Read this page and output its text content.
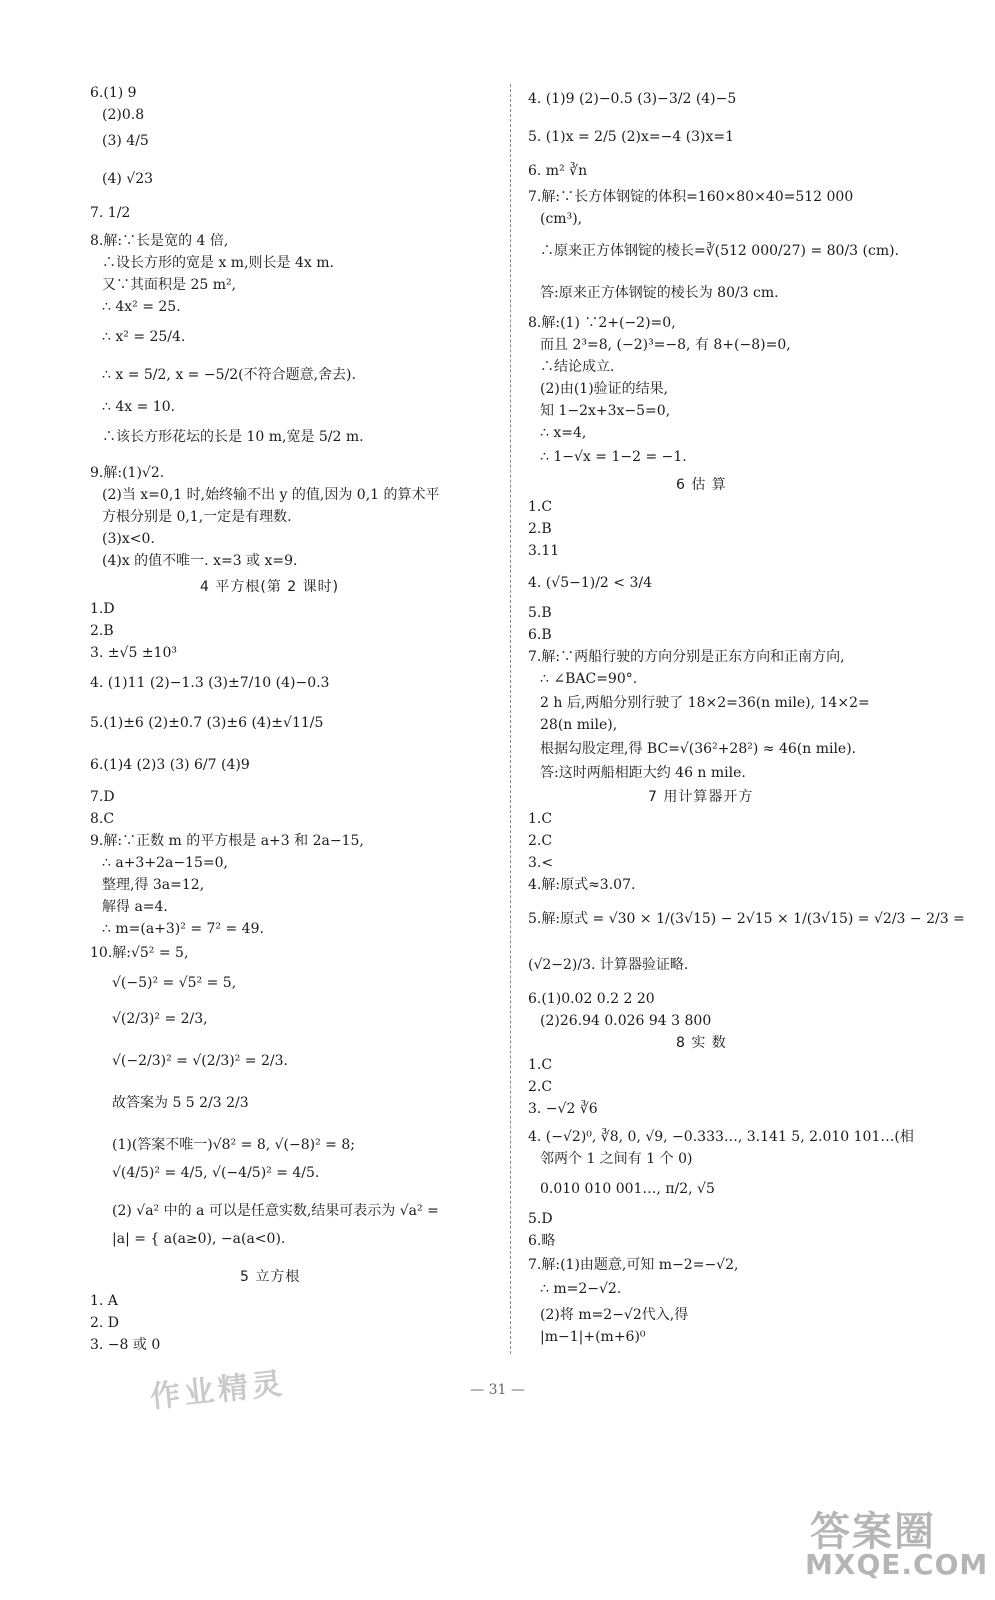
6.(1) 9
(2)0.8
(3) 4/5
(4) √23
7. 1/2
8.解:∵长是宽的 4 倍,
∴设长方形的宽是 x m,则长是 4x m.
又∵其面积是 25 m²,
∴ 4x² = 25.
∴ x² = 25/4.
∴ x = 5/2, x = −5/2(不符合题意,舍去).
∴ 4x = 10.
∴该长方形花坛的长是 10 m,宽是 5/2 m.
9.解:(1)√2.
(2)当 x=0,1 时,始终输不出 y 的值,因为 0,1 的算术平
方根分别是 0,1,一定是有理数.
(3)x<0.
(4)x 的值不唯一. x=3 或 x=9.
4 平方根(第 2 课时)
1.D
2.B
3. ±√5 ±10³
4. (1)11 (2)−1.3 (3)±7/10 (4)−0.3
5.(1)±6 (2)±0.7 (3)±6 (4)±√11/5
6.(1)4 (2)3 (3) 6/7 (4)9
7.D
8.C
9.解:∵正数 m 的平方根是 a+3 和 2a−15,
∴ a+3+2a−15=0,
整理,得 3a=12,
解得 a=4.
∴ m=(a+3)² = 7² = 49.
10.解:√5² = 5,
√(−5)² = √5² = 5,
√(2/3)² = 2/3,
√(−2/3)² = √(2/3)² = 2/3.
故答案为 5 5 2/3 2/3
(1)(答案不唯一)√8² = 8, √(−8)² = 8;
√(4/5)² = 4/5, √(−4/5)² = 4/5.
(2) √a² 中的 a 可以是任意实数,结果可表示为 √a² =
|a| = { a(a≥0), −a(a<0).
5 立方根
1. A
2. D
3. −8 或 0
4. (1)9 (2)−0.5 (3)−3/2 (4)−5
5. (1)x = 2/5 (2)x=−4 (3)x=1
6. m² ∛n
7.解:∵长方体钢锭的体积=160×80×40=512 000
(cm³),
∴原来正方体钢锭的棱长=∛(512 000/27) = 80/3 (cm).
答:原来正方体钢锭的棱长为 80/3 cm.
8.解:(1) ∵2+(−2)=0,
而且 2³=8, (−2)³=−8, 有 8+(−8)=0,
∴结论成立.
(2)由(1)验证的结果,
知 1−2x+3x−5=0,
∴ x=4,
∴ 1−√x = 1−2 = −1.
6 估 算
1.C
2.B
3.11
4. (√5−1)/2 < 3/4
5.B
6.B
7.解:∵两船行驶的方向分别是正东方向和正南方向,
∴ ∠BAC=90°.
2 h 后,两船分别行驶了 18×2=36(n mile), 14×2=
28(n mile),
根据勾股定理,得 BC=√(36²+28²) ≈ 46(n mile).
答:这时两船相距大约 46 n mile.
7 用计算器开方
1.C
2.C
3.<
4.解:原式≈3.07.
5.解:原式 = √30 × 1/(3√15) − 2√15 × 1/(3√15) = √2/3 − 2/3 =
(√2−2)/3. 计算器验证略.
6.(1)0.02 0.2 2 20
(2)26.94 0.026 94 3 800
8 实 数
1.C
2.C
3. −√2 ∛6
4. (−√2)⁰, ∛8, 0, √9, −0.333…, 3.141 5, 2.010 101…(相
邻两个 1 之间有 1 个 0)
0.010 010 001…, π/2, √5
5.D
6.略
7.解:(1)由题意,可知 m−2=−√2,
∴ m=2−√2.
(2)将 m=2−√2代入,得
|m−1|+(m+6)⁰
— 31 —
作业精灵
答案圈
MXQE.COM
